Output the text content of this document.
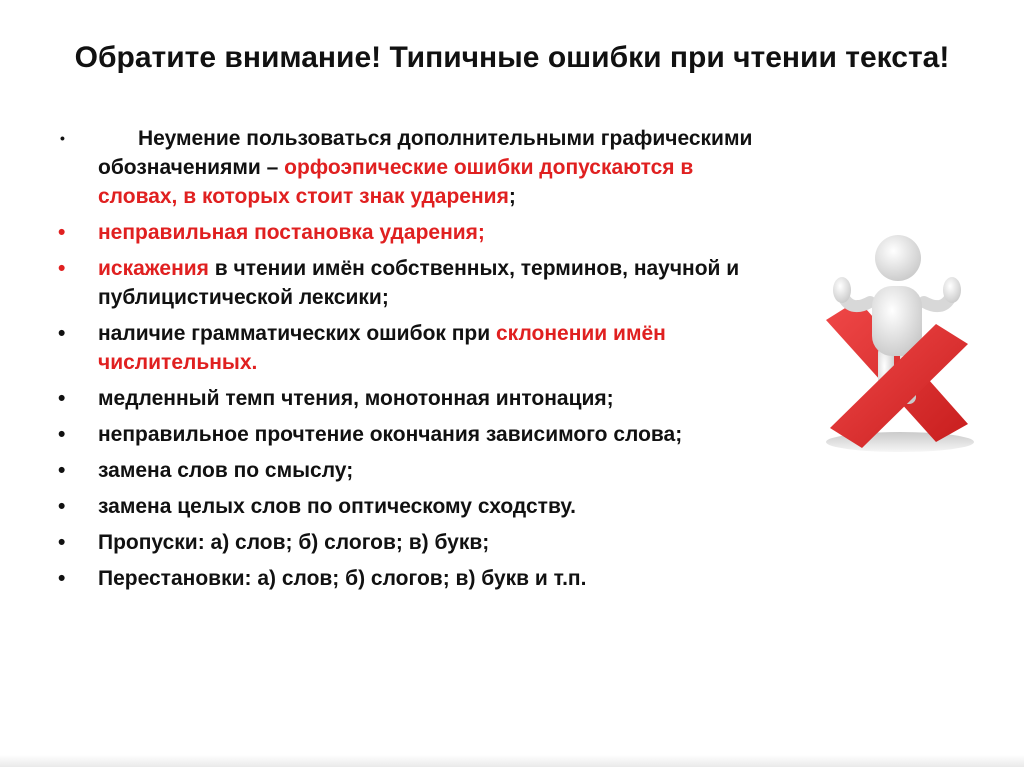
Обратите внимание! Типичные ошибки при чтении текста!
•	Неумение пользоваться дополнительными графическими обозначениями – орфоэпические ошибки допускаются в словах, в которых стоит знак ударения;
• неправильная постановка ударения;
• искажения в чтении имён собственных, терминов, научной и публицистической лексики;
• наличие грамматических ошибок при склонении имён числительных.
• медленный темп чтения, монотонная интонация;
• неправильное прочтение окончания зависимого слова;
• замена слов по смыслу;
• замена целых слов по оптическому сходству.
• Пропуски: а) слов; б) слогов; в) букв;
• Перестановки: а) слов; б) слогов; в) букв и т.п.
